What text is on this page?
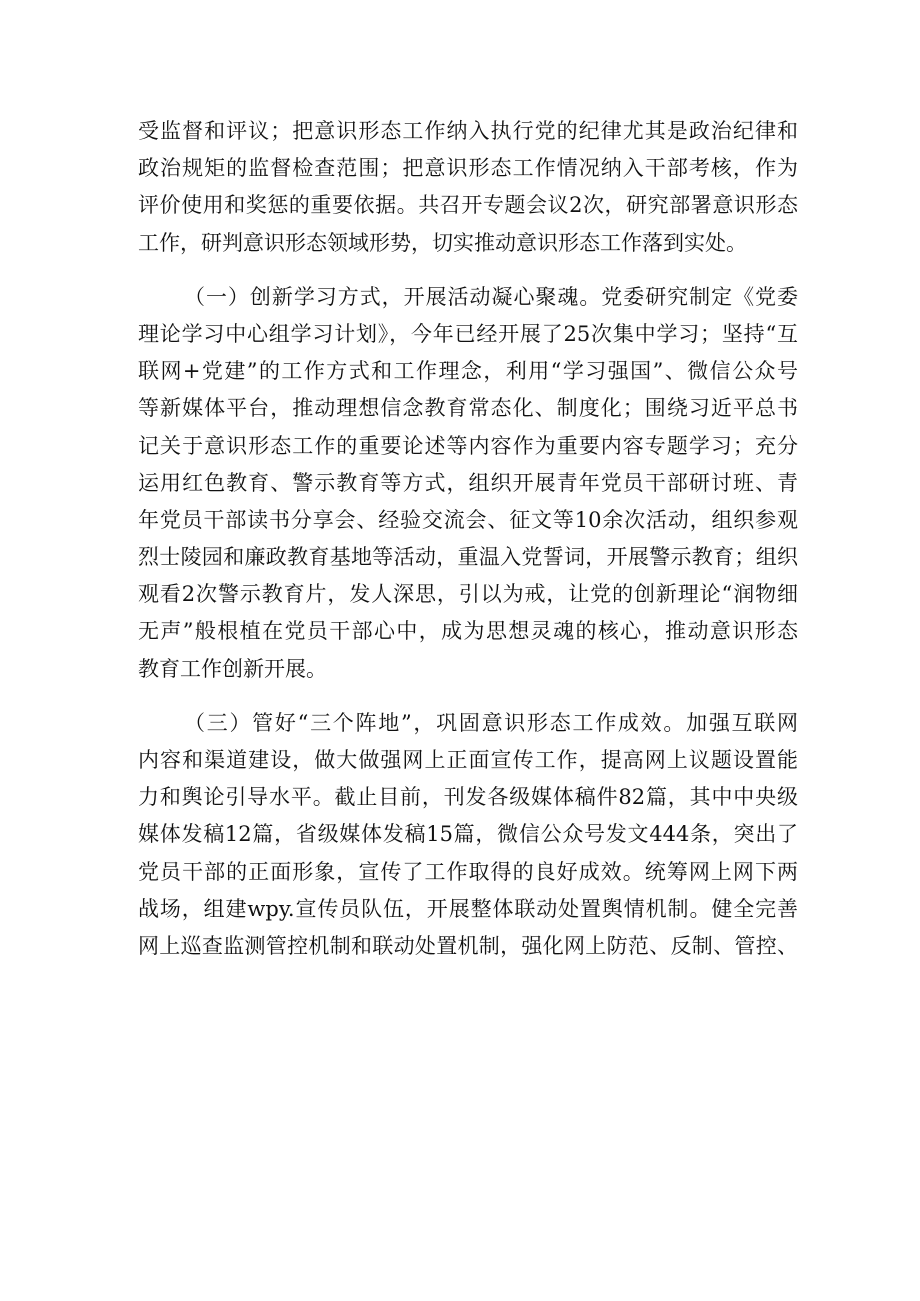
受监督和评议；把意识形态工作纳入执行党的纪律尤其是政治纪律和
政治规矩的监督检查范围；把意识形态工作情况纳入干部考核，作为
评价使用和奖惩的重要依据。共召开专题会议2次，研究部署意识形态
工作，研判意识形态领域形势，切实推动意识形态工作落到实处。
（一）创新学习方式，开展活动凝心聚魂。党委研究制定《党委
理论学习中心组学习计划》，今年已经开展了25次集中学习；坚持“互
联网+党建”的工作方式和工作理念，利用“学习强国”、微信公众号
等新媒体平台，推动理想信念教育常态化、制度化；围绕习近平总书
记关于意识形态工作的重要论述等内容作为重要内容专题学习；充分
运用红色教育、警示教育等方式，组织开展青年党员干部研讨班、青
年党员干部读书分享会、经验交流会、征文等10余次活动，组织参观
烈士陵园和廉政教育基地等活动，重温入党誓词，开展警示教育；组织
观看2次警示教育片，发人深思，引以为戒，让党的创新理论“润物细
无声”般根植在党员干部心中，成为思想灵魂的核心，推动意识形态
教育工作创新开展。
（三）管好“三个阵地”，巩固意识形态工作成效。加强互联网
内容和渠道建设，做大做强网上正面宣传工作，提高网上议题设置能
力和舆论引导水平。截止目前，刊发各级媒体稿件82篇，其中中央级
媒体发稿12篇，省级媒体发稿15篇，微信公众号发文444条，突出了
党员干部的正面形象，宣传了工作取得的良好成效。统筹网上网下两
战场，组建wpy.宣传员队伍，开展整体联动处置舆情机制。健全完善
网上巡查监测管控机制和联动处置机制，强化网上防范、反制、管控、
